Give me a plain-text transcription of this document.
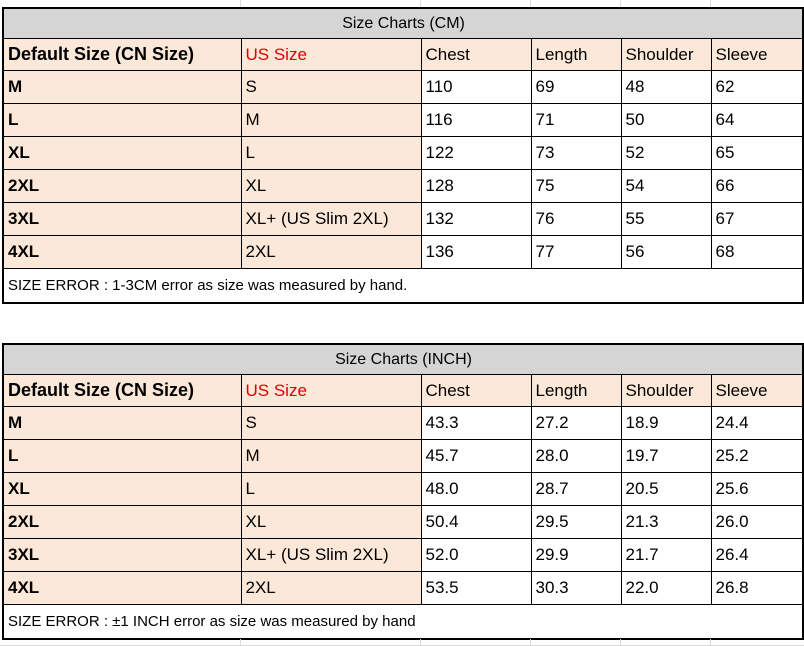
Size Charts (CM)					
Default Size (CN Size)	US Size	Chest	Length	Shoulder	Sleeve
M	S	110	69	48	62
L	M	116	71	50	64
XL	L	122	73	52	65
2XL	XL	128	75	54	66
3XL	XL+ (US Slim 2XL)	132	76	55	67
4XL	2XL	136	77	56	68
SIZE ERROR : 1-3CM error as size was measured by hand.					
Size Charts (INCH)					
Default Size (CN Size)	US Size	Chest	Length	Shoulder	Sleeve
M	S	43.3	27.2	18.9	24.4
L	M	45.7	28.0	19.7	25.2
XL	L	48.0	28.7	20.5	25.6
2XL	XL	50.4	29.5	21.3	26.0
3XL	XL+ (US Slim 2XL)	52.0	29.9	21.7	26.4
4XL	2XL	53.5	30.3	22.0	26.8
SIZE ERROR : ±1 INCH error as size was measured by hand					
